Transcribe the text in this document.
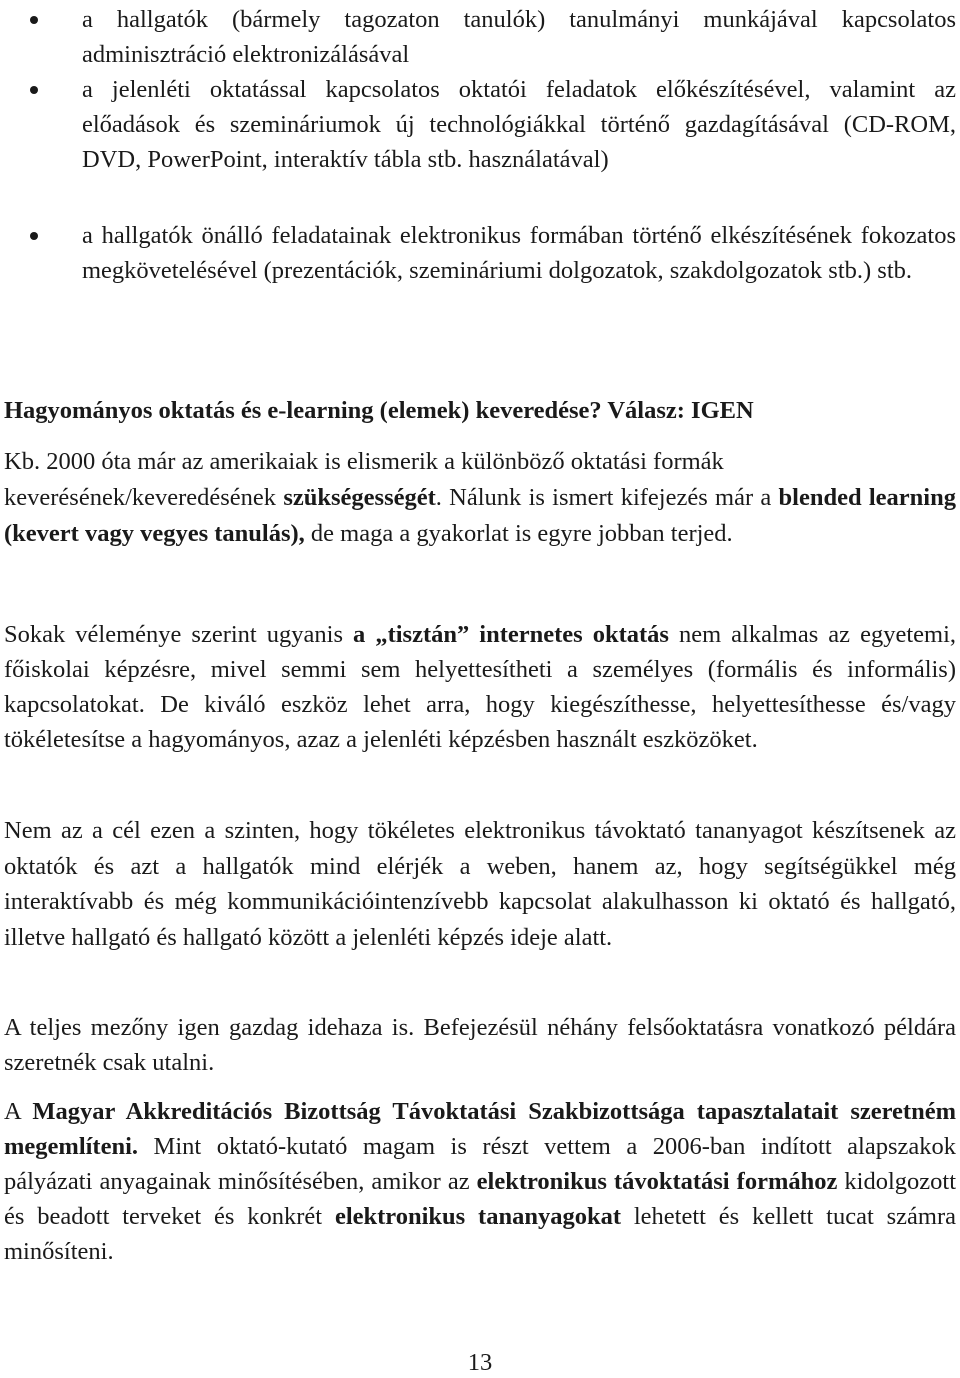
a hallgatók (bármely tagozaton tanulók) tanulmányi munkájával kapcsolatos adminisztráció elektronizálásával

a jelenléti oktatással kapcsolatos oktatói feladatok előkészítésével, valamint az előadások és szemináriumok új technológiákkal történő gazdagításával (CD-ROM, DVD, PowerPoint, interaktív tábla stb. használatával)

a hallgatók önálló feladatainak elektronikus formában történő elkészítésének fokozatos megkövetelésével (prezentációk, szemináriumi dolgozatok, szakdolgozatok stb.) stb.

Hagyományos oktatás és e-learning (elemek) keveredése? Válasz: IGEN

Kb. 2000 óta már az amerikaiak is elismerik a különböző oktatási formák
keverésének/keveredésének szükségességét. Nálunk is ismert kifejezés már a blended learning (kevert vagy vegyes tanulás), de maga a gyakorlat is egyre jobban terjed.

Sokak véleménye szerint ugyanis a „tisztán” internetes oktatás nem alkalmas az egyetemi, főiskolai képzésre, mivel semmi sem helyettesítheti a személyes (formális és informális) kapcsolatokat. De kiváló eszköz lehet arra, hogy kiegészíthesse, helyettesíthesse és/vagy tökéletesítse a hagyományos, azaz a jelenléti képzésben használt eszközöket.

Nem az a cél ezen a szinten, hogy tökéletes elektronikus távoktató tananyagot készítsenek az oktatók és azt a hallgatók mind elérjék a weben, hanem az, hogy segítségükkel még interaktívabb és még kommunikációintenzívebb kapcsolat alakulhasson ki oktató és hallgató, illetve hallgató és hallgató között a jelenléti képzés ideje alatt.

A teljes mezőny igen gazdag idehaza is. Befejezésül néhány felsőoktatásra vonatkozó példára szeretnék csak utalni.

A Magyar Akkreditációs Bizottság Távoktatási Szakbizottsága tapasztalatait szeretném megemlíteni. Mint oktató-kutató magam is részt vettem a 2006-ban indított alapszakok pályázati anyagainak minősítésében, amikor az elektronikus távoktatási formához kidolgozott és beadott terveket és konkrét elektronikus tananyagokat lehetett és kellett tucat számra minősíteni.

13
